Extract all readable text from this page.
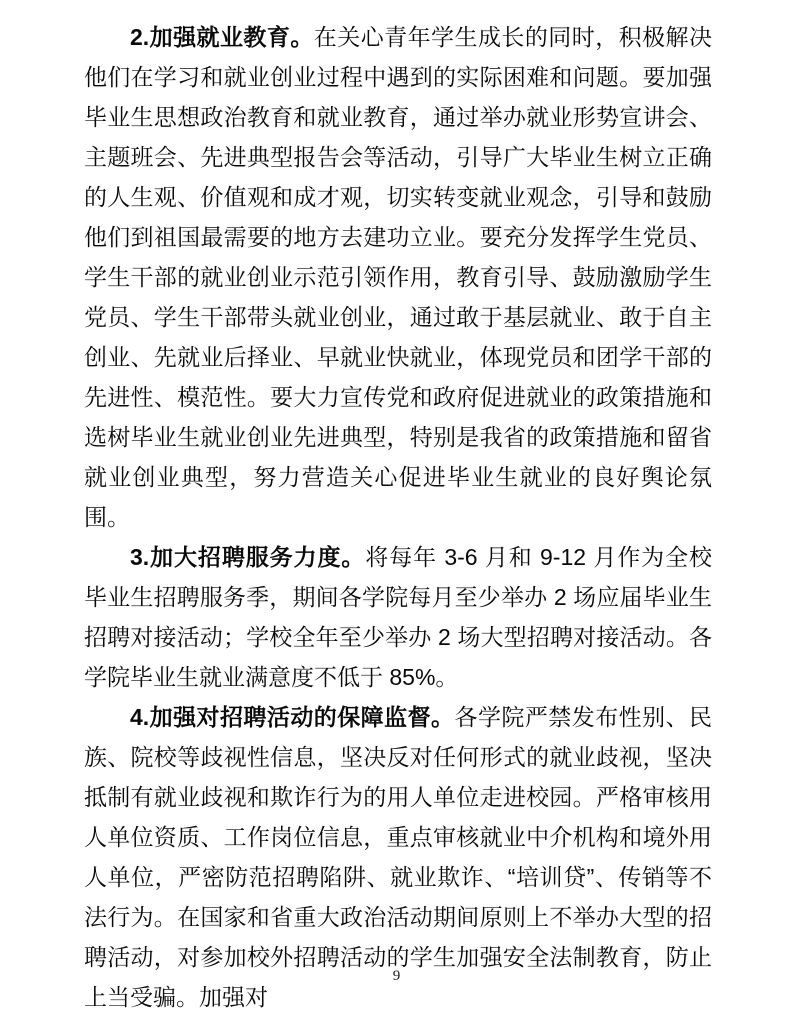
2.加强就业教育。在关心青年学生成长的同时，积极解决他们在学习和就业创业过程中遇到的实际困难和问题。要加强毕业生思想政治教育和就业教育，通过举办就业形势宣讲会、主题班会、先进典型报告会等活动，引导广大毕业生树立正确的人生观、价值观和成才观，切实转变就业观念，引导和鼓励他们到祖国最需要的地方去建功立业。要充分发挥学生党员、学生干部的就业创业示范引领作用，教育引导、鼓励激励学生党员、学生干部带头就业创业，通过敢于基层就业、敢于自主创业、先就业后择业、早就业快就业，体现党员和团学干部的先进性、模范性。要大力宣传党和政府促进就业的政策措施和选树毕业生就业创业先进典型，特别是我省的政策措施和留省就业创业典型，努力营造关心促进毕业生就业的良好舆论氛围。

3.加大招聘服务力度。将每年 3-6 月和 9-12 月作为全校毕业生招聘服务季，期间各学院每月至少举办 2 场应届毕业生招聘对接活动；学校全年至少举办 2 场大型招聘对接活动。各学院毕业生就业满意度不低于 85%。

4.加强对招聘活动的保障监督。各学院严禁发布性别、民族、院校等歧视性信息，坚决反对任何形式的就业歧视，坚决抵制有就业歧视和欺诈行为的用人单位走进校园。严格审核用人单位资质、工作岗位信息，重点审核就业中介机构和境外用人单位，严密防范招聘陷阱、就业欺诈、“培训贷”、传销等不法行为。在国家和省重大政治活动期间原则上不举办大型的招聘活动，对参加校外招聘活动的学生加强安全法制教育，防止上当受骗。加强对

9
